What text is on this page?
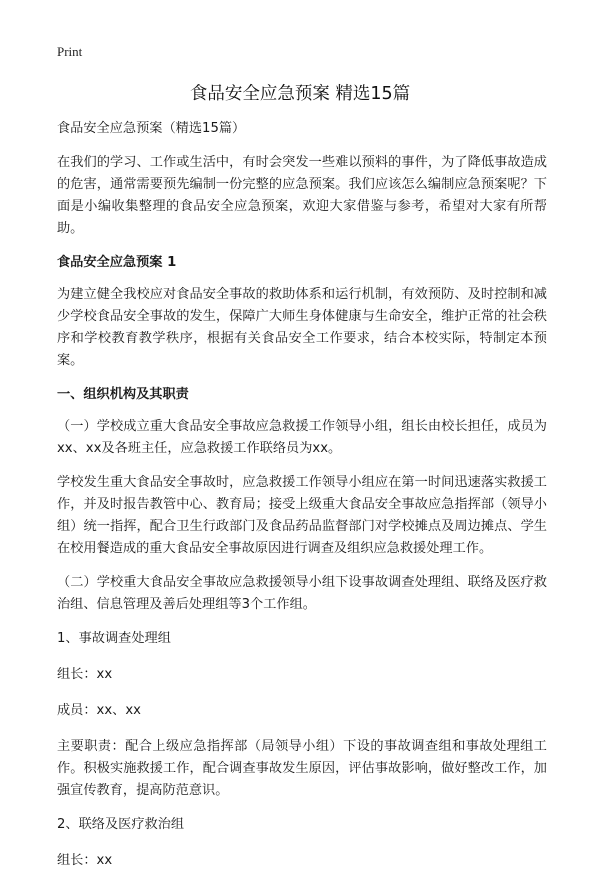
Print
食品安全应急预案 精选15篇

食品安全应急预案（精选15篇）

在我们的学习、工作或生活中，有时会突发一些难以预料的事件，为了降低事故造成的危害，通常需要预先编制一份完整的应急预案。我们应该怎么编制应急预案呢？下面是小编收集整理的食品安全应急预案，欢迎大家借鉴与参考，希望对大家有所帮助。

食品安全应急预案 1

为建立健全我校应对食品安全事故的救助体系和运行机制，有效预防、及时控制和减少学校食品安全事故的发生，保障广大师生身体健康与生命安全，维护正常的社会秩序和学校教育教学秩序，根据有关食品安全工作要求，结合本校实际，特制定本预案。

一、组织机构及其职责

（一）学校成立重大食品安全事故应急救援工作领导小组，组长由校长担任，成员为xx、xx及各班主任，应急救援工作联络员为xx。

学校发生重大食品安全事故时，应急救援工作领导小组应在第一时间迅速落实救援工作，并及时报告教管中心、教育局；接受上级重大食品安全事故应急指挥部（领导小组）统一指挥，配合卫生行政部门及食品药品监督部门对学校摊点及周边摊点、学生在校用餐造成的重大食品安全事故原因进行调查及组织应急救援处理工作。

（二）学校重大食品安全事故应急救援领导小组下设事故调查处理组、联络及医疗救治组、信息管理及善后处理组等3个工作组。

1、事故调查处理组

组长：xx

成员：xx、xx

主要职责：配合上级应急指挥部（局领导小组）下设的事故调查组和事故处理组工作。积极实施救援工作，配合调查事故发生原因，评估事故影响，做好整改工作，加强宣传教育，提高防范意识。

2、联络及医疗救治组

组长：xx
